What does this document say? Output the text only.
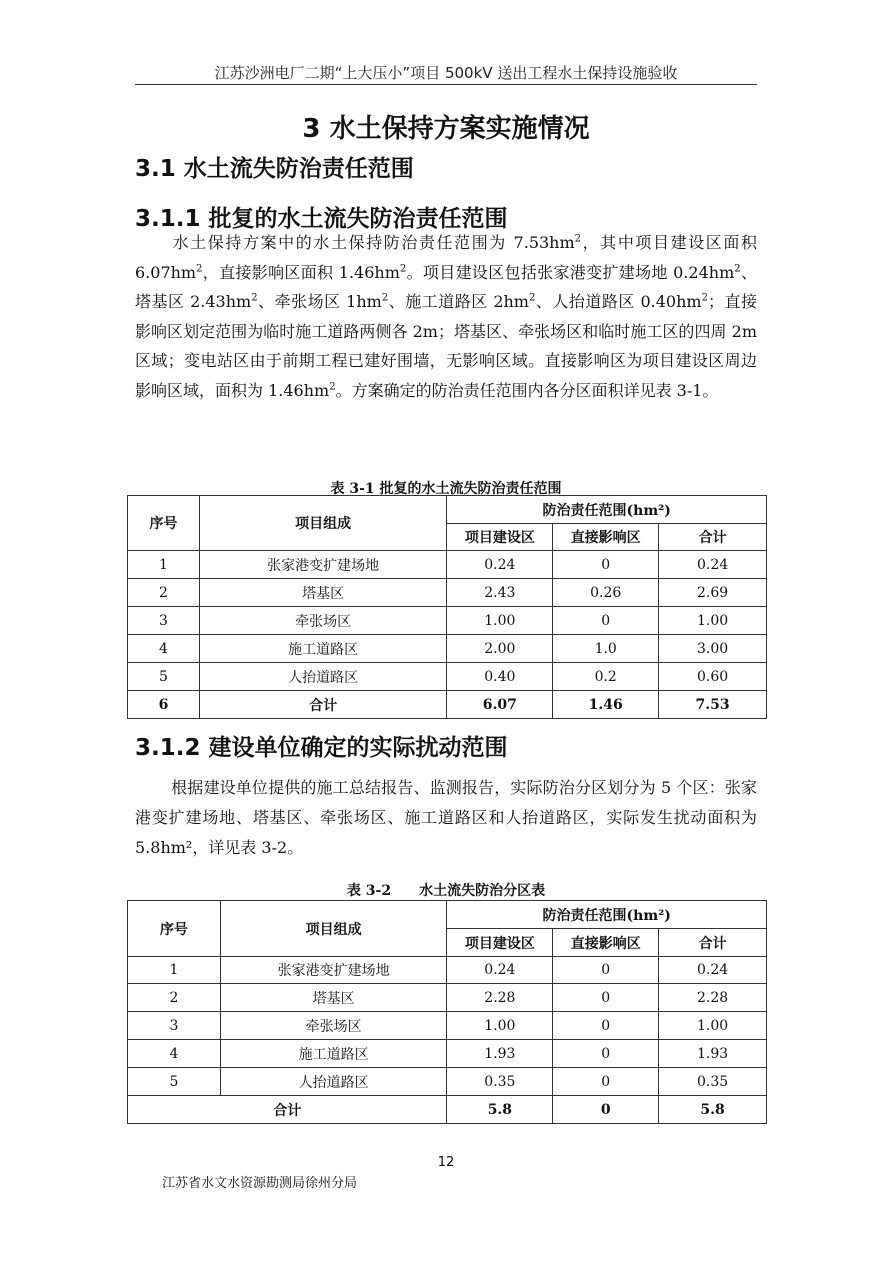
江苏沙洲电厂二期“上大压小”项目 500kV 送出工程水土保持设施验收
3 水土保持方案实施情况
3.1 水土流失防治责任范围
3.1.1 批复的水土流失防治责任范围
水土保持方案中的水土保持防治责任范围为 $7.53hm^2$，其中项目建设区面积 $6.07hm^2$，直接影响区面积 $1.46hm^2$。项目建设区包括张家港变扩建场地 $0.24hm^2$、塔基区 $2.43hm^2$、牵张场区 $1hm^2$、施工道路区 $2hm^2$、人抬道路区 $0.40hm^2$；直接影响区划定范围为临时施工道路两侧各 2m；塔基区、牵张场区和临时施工区的四周 2m 区域；变电站区由于前期工程已建好围墙，无影响区域。直接影响区为项目建设区周边影响区域，面积为 $1.46hm^2$。方案确定的防治责任范围内各分区面积详见表 3-1。
表 3-1 批复的水土流失防治责任范围
序号	项目组成	防治责任范围(hm²)		
		项目建设区	直接影响区	合计
1	张家港变扩建场地	0.24	0	0.24
2	塔基区	2.43	0.26	2.69
3	牵张场区	1.00	0	1.00
4	施工道路区	2.00	1.0	3.00
5	人抬道路区	0.40	0.2	0.60
6	合计	6.07	1.46	7.53
3.1.2 建设单位确定的实际扰动范围
根据建设单位提供的施工总结报告、监测报告，实际防治分区划分为 5 个区：张家港变扩建场地、塔基区、牵张场区、施工道路区和人抬道路区，实际发生扰动面积为 5.8hm²，详见表 3-2。
表 3-2　　水土流失防治分区表
序号	项目组成	防治责任范围(hm²)		
		项目建设区	直接影响区	合计
1	张家港变扩建场地	0.24	0	0.24
2	塔基区	2.28	0	2.28
3	牵张场区	1.00	0	1.00
4	施工道路区	1.93	0	1.93
5	人抬道路区	0.35	0	0.35
合计		5.8	0	5.8
12
江苏省水文水资源勘测局徐州分局
